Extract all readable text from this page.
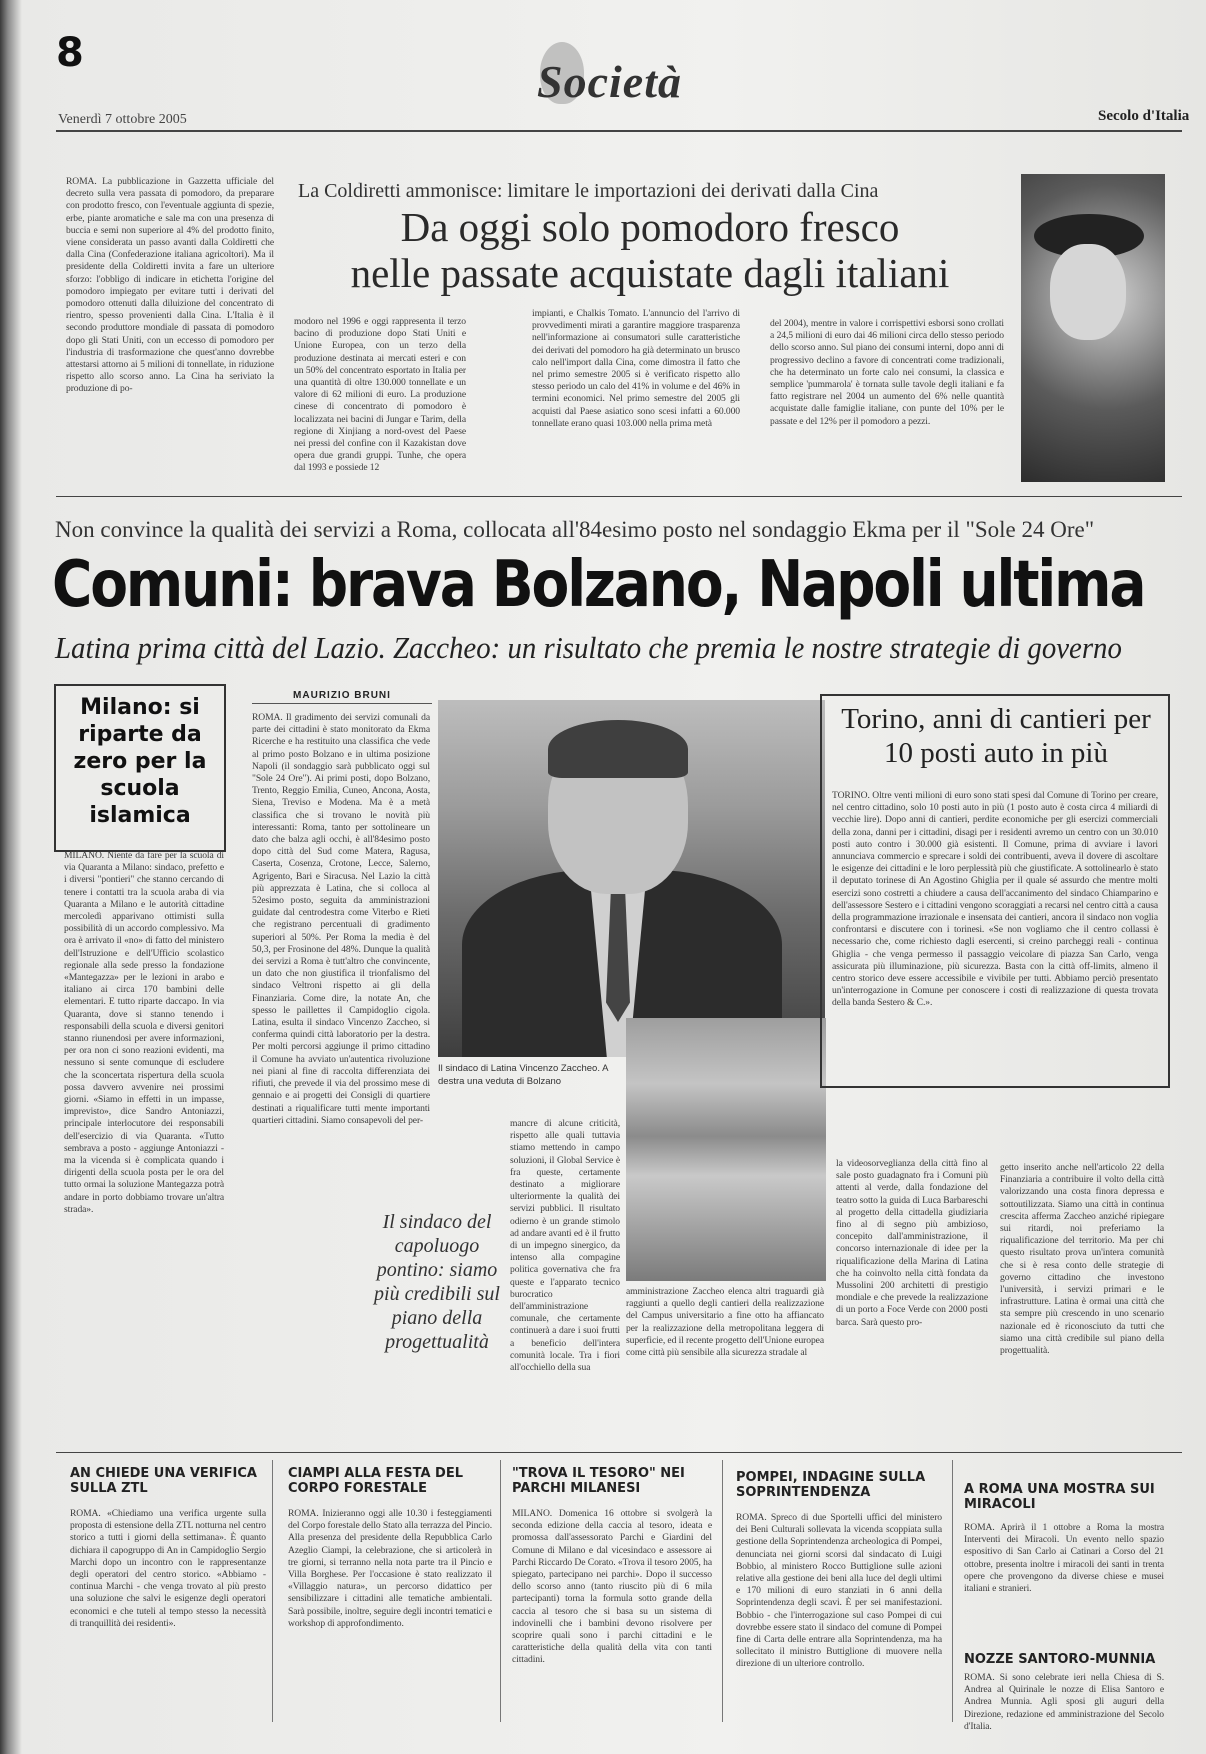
8
Società
Venerdì 7 ottobre 2005	Secolo d'Italia
ROMA. La pubblicazione in Gazzetta ufficiale del decreto sulla vera passata di pomodoro, da preparare con prodotto fresco, con l'eventuale aggiunta di spezie, erbe, piante aromatiche e sale ma con una presenza di buccia e semi non superiore al 4% del prodotto finito, viene considerata un passo avanti dalla Coldiretti che dalla Cina (Confederazione italiana agricoltori). Ma il presidente della Coldiretti invita a fare un ulteriore sforzo: l'obbligo di indicare in etichetta l'origine del pomodoro impiegato per evitare tutti i derivati del pomodoro ottenuti dalla diluizione del concentrato di rientro, spesso provenienti dalla Cina. L'Italia è il secondo produttore mondiale di passata di pomodoro dopo gli Stati Uniti, con un eccesso di pomodoro per l'industria di trasformazione che quest'anno dovrebbe attestarsi attorno ai 5 milioni di tonnellate, in riduzione rispetto allo scorso anno. La Cina ha seriviato la produzione di po-
La Coldiretti ammonisce: limitare le importazioni dei derivati dalla Cina
Da oggi solo pomodoro fresco
nelle passate acquistate dagli italiani
modoro nel 1996 e oggi rappresenta il terzo bacino di produzione dopo Stati Uniti e Unione Europea, con un terzo della produzione destinata ai mercati esteri e con un 50% del concentrato esportato in Italia per una quantità di oltre 130.000 tonnellate e un valore di 62 milioni di euro. La produzione cinese di concentrato di pomodoro è localizzata nei bacini di Jungar e Tarim, della regione di Xinjiang a nord-ovest del Paese nei pressi del confine con il Kazakistan dove opera due grandi gruppi. Tunhe, che opera dal 1993 e possiede 12
impianti, e Chalkis Tomato. L'annuncio del l'arrivo di provvedimenti mirati a garantire maggiore trasparenza nell'informazione ai consumatori sulle caratteristiche dei derivati del pomodoro ha già determinato un brusco calo nell'import dalla Cina, come dimostra il fatto che nel primo semestre 2005 si è verificato rispetto allo stesso periodo un calo del 41% in volume e del 46% in termini economici. Nel primo semestre del 2005 gli acquisti dal Paese asiatico sono scesi infatti a 60.000 tonnellate erano quasi 103.000 nella prima metà
del 2004), mentre in valore i corrispettivi esborsi sono crollati a 24,5 milioni di euro dai 46 milioni circa dello stesso periodo dello scorso anno. Sul piano dei consumi interni, dopo anni di progressivo declino a favore di concentrati come tradizionali, che ha determinato un forte calo nei consumi, la classica e semplice 'pummarola' è tornata sulle tavole degli italiani e fa fatto registrare nel 2004 un aumento del 6% nelle quantità acquistate dalle famiglie italiane, con punte del 10% per le passate e del 12% per il pomodoro a pezzi.
Non convince la qualità dei servizi a Roma, collocata all'84esimo posto nel sondaggio Ekma per il "Sole 24 Ore"
Comuni: brava Bolzano, Napoli ultima
Latina prima città del Lazio. Zaccheo: un risultato che premia le nostre strategie di governo
Milano: si riparte da zero per la scuola islamica
MILANO. Niente da fare per la scuola di via Quaranta a Milano: sindaco, prefetto e i diversi "pontieri" che stanno cercando di tenere i contatti tra la scuola araba di via Quaranta a Milano e le autorità cittadine mercoledì apparivano ottimisti sulla possibilità di un accordo complessivo. Ma ora è arrivato il «no» di fatto del ministero dell'Istruzione e dell'Ufficio scolastico regionale alla sede presso la fondazione «Mantegazza» per le lezioni in arabo e italiano ai circa 170 bambini delle elementari. E tutto riparte daccapo. In via Quaranta, dove si stanno tenendo i responsabili della scuola e diversi genitori stanno riunendosi per avere informazioni, per ora non ci sono reazioni evidenti, ma nessuno si sente comunque di escludere che la sconcertata rispertura della scuola possa davvero avvenire nei prossimi giorni. «Siamo in effetti in un impasse, imprevisto», dice Sandro Antoniazzi, principale interlocutore dei responsabili dell'esercizio di via Quaranta. «Tutto sembrava a posto - aggiunge Antoniazzi - ma la vicenda si è complicata quando i dirigenti della scuola posta per le ora del tutto ormai la soluzione Mantegazza potrà andare in porto dobbiamo trovare un'altra strada».
MAURIZIO BRUNI
ROMA. Il gradimento dei servizi comunali da parte dei cittadini è stato monitorato da Ekma Ricerche e ha restituito una classifica che vede al primo posto Bolzano e in ultima posizione Napoli (il sondaggio sarà pubblicato oggi sul "Sole 24 Ore"). Ai primi posti, dopo Bolzano, Trento, Reggio Emilia, Cuneo, Ancona, Aosta, Siena, Treviso e Modena. Ma è a metà classifica che si trovano le novità più interessanti: Roma, tanto per sottolineare un dato che balza agli occhi, è all'84esimo posto dopo città del Sud come Matera, Ragusa, Caserta, Cosenza, Crotone, Lecce, Salerno, Agrigento, Bari e Siracusa. Nel Lazio la città più apprezzata è Latina, che si colloca al 52esimo posto, seguita da amministrazioni guidate dal centrodestra come Viterbo e Rieti che registrano percentuali di gradimento superiori al 50%. Per Roma la media è del 50,3, per Frosinone del 48%. Dunque la qualità dei servizi a Roma è tutt'altro che convincente, un dato che non giustifica il trionfalismo del sindaco Veltroni rispetto ai gli della Finanziaria. Come dire, la notate An, che spesso le paillettes il Campidoglio cigola. Latina, esulta il sindaco Vincenzo Zaccheo, si conferma quindi città laboratorio per la destra. Per molti percorsi aggiunge il primo cittadino il Comune ha avviato un'autentica rivoluzione nei piani al fine di raccolta differenziata dei rifiuti, che prevede il via del prossimo mese di gennaio e ai progetti dei Consigli di quartiere destinati a riqualificare tutti mente importanti quartieri cittadini. Siamo consapevoli del per-
Il sindaco di Latina Vincenzo Zaccheo. A destra una veduta di Bolzano
Il sindaco del capoluogo pontino: siamo più credibili sul piano della progettualità
mancre di alcune criticità, rispetto alle quali tuttavia stiamo mettendo in campo soluzioni, il Global Service è fra queste, certamente destinato a migliorare ulteriormente la qualità dei servizi pubblici. Il risultato odierno è un grande stimolo ad andare avanti ed è il frutto di un impegno sinergico, da intenso alla compagine politica governativa che fra queste e l'apparato tecnico burocratico dell'amministrazione comunale, che certamente continuerà a dare i suoi frutti a beneficio dell'intera comunità locale. Tra i fiori all'occhiello della sua
amministrazione Zaccheo elenca altri traguardi già raggiunti a quello degli cantieri della realizzazione del Campus universitario a fine otto ha affiancato per la realizzazione della metropolitana leggera di superficie, ed il recente progetto dell'Unione europea come città più sensibile alla sicurezza stradale al
la videosorveglianza della città fino al sale posto guadagnato fra i Comuni più attenti al verde, dalla fondazione del teatro sotto la guida di Luca Barbareschi al progetto della cittadella giudiziaria fino al di segno più ambizioso, concepito dall'amministrazione, il concorso internazionale di idee per la riqualificazione della Marina di Latina che ha coinvolto nella città fondata da Mussolini 200 architetti di prestigio mondiale e che prevede la realizzazione di un porto a Foce Verde con 2000 posti barca. Sarà questo pro-
getto inserito anche nell'articolo 22 della Finanziaria a contribuire il volto della città valorizzando una costa finora depressa e sottoutilizzata. Siamo una città in continua crescita afferma Zaccheo anziché ripiegare sui ritardi, noi preferiamo la riqualificazione del territorio. Ma per chi questo risultato prova un'intera comunità che si è resa conto delle strategie di governo cittadino che investono l'università, i servizi primari e le infrastrutture. Latina è ormai una città che sta sempre più crescendo in uno scenario nazionale ed è riconosciuto da tutti che siamo una città credibile sul piano della progettualità.
Torino, anni di cantieri per 10 posti auto in più
TORINO. Oltre venti milioni di euro sono stati spesi dal Comune di Torino per creare, nel centro cittadino, solo 10 posti auto in più (1 posto auto è costa circa 4 miliardi di vecchie lire). Dopo anni di cantieri, perdite economiche per gli esercizi commerciali della zona, danni per i cittadini, disagi per i residenti avremo un centro con un 30.010 posti auto contro i 30.000 già esistenti. Il Comune, prima di avviare i lavori annunciava commercio e sprecare i soldi dei contribuenti, aveva il dovere di ascoltare le esigenze dei cittadini e le loro perplessità più che giustificate. A sottolinearlo è stato il deputato torinese di An Agostino Ghiglia per il quale sé assurdo che mentre molti esercizi sono costretti a chiudere a causa dell'accanimento del sindaco Chiamparino e dell'assessore Sestero e i cittadini vengono scoraggiati a recarsi nel centro città a causa della programmazione irrazionale e insensata dei cantieri, ancora il sindaco non voglia confrontarsi e discutere con i torinesi. «Se non vogliamo che il centro collassi è necessario che, come richiesto dagli esercenti, si creino parcheggi reali - continua Ghiglia - che venga permesso il passaggio veicolare di piazza San Carlo, venga assicurata più illuminazione, più sicurezza. Basta con la città off-limits, almeno il centro storico deve essere accessibile e vivibile per tutti. Abbiamo perciò presentato un'interrogazione in Comune per conoscere i costi di realizzazione di questa trovata della banda Sestero & C.».
AN CHIEDE UNA VERIFICA SULLA ZTL
ROMA. «Chiediamo una verifica urgente sulla proposta di estensione della ZTL notturna nel centro storico a tutti i giorni della settimana». È quanto dichiara il capogruppo di An in Campidoglio Sergio Marchi dopo un incontro con le rappresentanze degli operatori del centro storico. «Abbiamo - continua Marchi - che venga trovato al più presto una soluzione che salvi le esigenze degli operatori economici e che tuteli al tempo stesso la necessità di tranquillità dei residenti».
CIAMPI ALLA FESTA DEL CORPO FORESTALE
ROMA. Inizieranno oggi alle 10.30 i festeggiamenti del Corpo forestale dello Stato alla terrazza del Pincio. Alla presenza del presidente della Repubblica Carlo Azeglio Ciampi, la celebrazione, che si articolerà in tre giorni, si terranno nella nota parte tra il Pincio e Villa Borghese. Per l'occasione è stato realizzato il «Villaggio natura», un percorso didattico per sensibilizzare i cittadini alle tematiche ambientali. Sarà possibile, inoltre, seguire degli incontri tematici e workshop di approfondimento.
"TROVA IL TESORO" NEI PARCHI MILANESI
MILANO. Domenica 16 ottobre si svolgerà la seconda edizione della caccia al tesoro, ideata e promossa dall'assessorato Parchi e Giardini del Comune di Milano e dal vicesindaco e assessore ai Parchi Riccardo De Corato. «Trova il tesoro 2005, ha spiegato, partecipano nei parchi». Dopo il successo dello scorso anno (tanto riuscito più di 6 mila partecipanti) torna la formula sotto grande della caccia al tesoro che si basa su un sistema di indovinelli che i bambini devono risolvere per scoprire quali sono i parchi cittadini e le caratteristiche della qualità della vita con tanti cittadini.
POMPEI, INDAGINE SULLA SOPRINTENDENZA
ROMA. Spreco di due Sportelli uffici del ministero dei Beni Culturali sollevata la vicenda scoppiata sulla gestione della Soprintendenza archeologica di Pompei, denunciata nei giorni scorsi dal sindacato di Luigi Bobbio, al ministero Rocco Buttiglione sulle azioni relative alla gestione dei beni alla luce del degli ultimi e 170 milioni di euro stanziati in 6 anni della Soprintendenza degli scavi. È per sei manifestazioni. Bobbio - che l'interrogazione sul caso Pompei di cui dovrebbe essere stato il sindaco del comune di Pompei fine di Carta delle entrare alla Soprintendenza, ma ha sollecitato il ministro Buttiglione di muovere nella direzione di un ulteriore controllo.
A ROMA UNA MOSTRA SUI MIRACOLI
ROMA. Aprirà il 1 ottobre a Roma la mostra Interventi dei Miracoli. Un evento nello spazio espositivo di San Carlo ai Catinari a Corso del 21 ottobre, presenta inoltre i miracoli dei santi in trenta opere che provengono da diverse chiese e musei italiani e stranieri.
NOZZE SANTORO-MUNNIA
ROMA. Si sono celebrate ieri nella Chiesa di S. Andrea al Quirinale le nozze di Elisa Santoro e Andrea Munnia. Agli sposi gli auguri della Direzione, redazione ed amministrazione del Secolo d'Italia.
